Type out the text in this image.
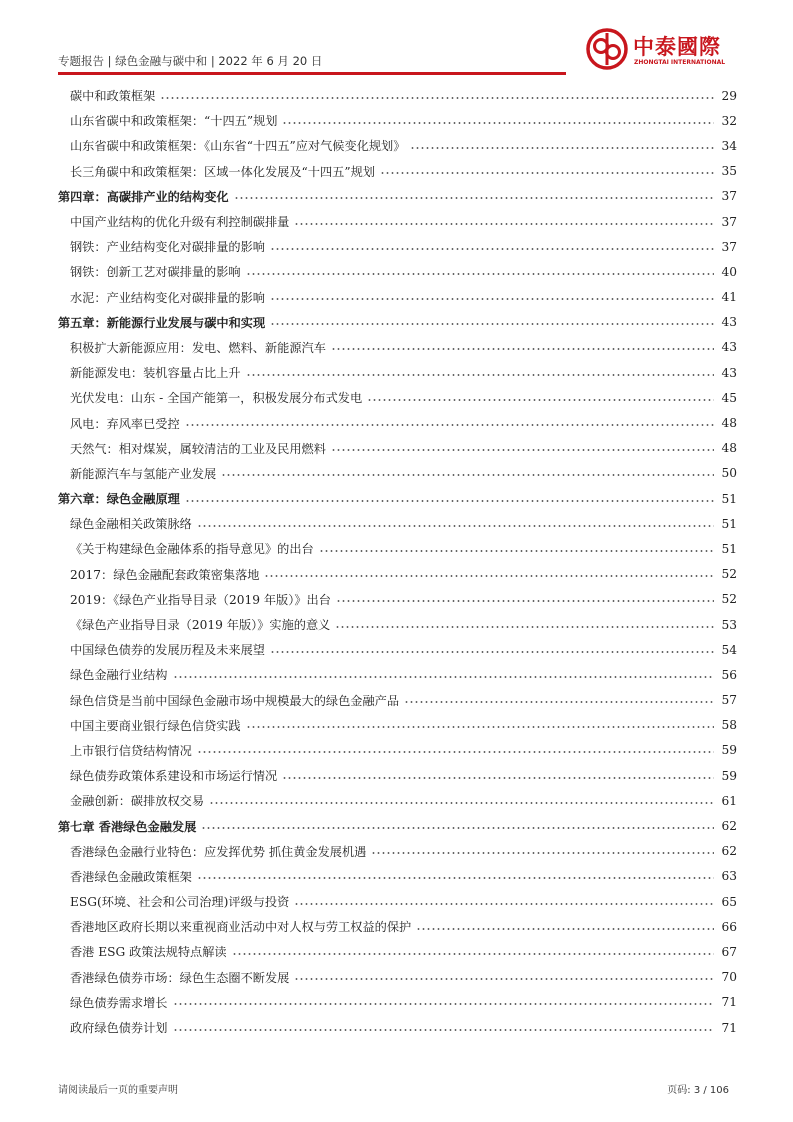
专题报告 | 绿色金融与碳中和 | 2022 年 6 月 20 日
中泰國際
ZHONGTAI INTERNATIONAL
碳中和政策框架	29
山东省碳中和政策框架：“十四五”规划	32
山东省碳中和政策框架：《山东省“十四五”应对气候变化规划》	34
长三角碳中和政策框架：区域一体化发展及“十四五”规划	35
第四章：高碳排产业的结构变化	37
中国产业结构的优化升级有利控制碳排量	37
钢铁：产业结构变化对碳排量的影响	37
钢铁：创新工艺对碳排量的影响	40
水泥：产业结构变化对碳排量的影响	41
第五章：新能源行业发展与碳中和实现	43
积极扩大新能源应用：发电、燃料、新能源汽车	43
新能源发电：装机容量占比上升	43
光伏发电：山东 - 全国产能第一，积极发展分布式发电	45
风电：弃风率已受控	48
天然气：相对煤炭，属较清洁的工业及民用燃料	48
新能源汽车与氢能产业发展	50
第六章：绿色金融原理	51
绿色金融相关政策脉络	51
《关于构建绿色金融体系的指导意见》的出台	51
2017：绿色金融配套政策密集落地	52
2019：《绿色产业指导目录（2019 年版）》出台	52
《绿色产业指导目录（2019 年版）》实施的意义	53
中国绿色债券的发展历程及未来展望	54
绿色金融行业结构	56
绿色信贷是当前中国绿色金融市场中规模最大的绿色金融产品	57
中国主要商业银行绿色信贷实践	58
上市银行信贷结构情况	59
绿色债券政策体系建设和市场运行情况	59
金融创新：碳排放权交易	61
第七章 香港绿色金融发展	62
香港绿色金融行业特色：应发挥优势 抓住黄金发展机遇	62
香港绿色金融政策框架	63
ESG(环境、社会和公司治理)评级与投资	65
香港地区政府长期以来重视商业活动中对人权与劳工权益的保护	66
香港 ESG 政策法规特点解读	67
香港绿色债券市场：绿色生态圈不断发展	70
绿色债券需求增长	71
政府绿色债券计划	71
请阅读最后一页的重要声明	页码: 3 / 106
